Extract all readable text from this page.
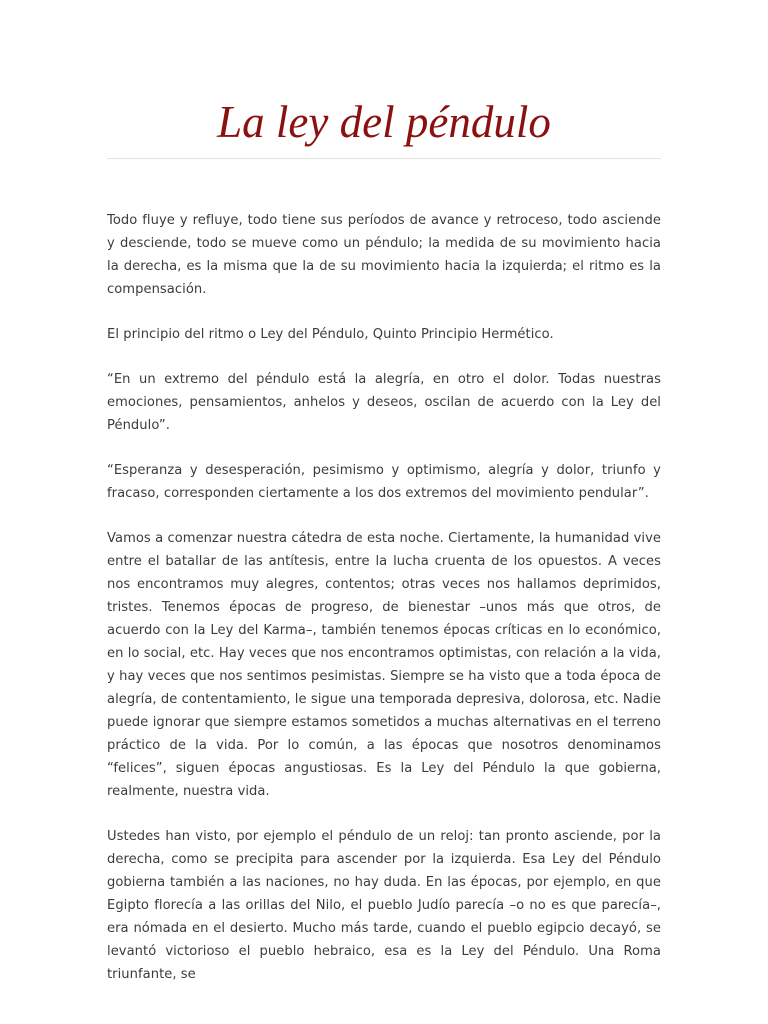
La ley del péndulo

Todo fluye y refluye, todo tiene sus períodos de avance y retroceso, todo asciende y desciende, todo se mueve como un péndulo; la medida de su movimiento hacia la derecha, es la misma que la de su movimiento hacia la izquierda; el ritmo es la compensación.

El principio del ritmo o Ley del Péndulo, Quinto Principio Hermético.

“En un extremo del péndulo está la alegría, en otro el dolor. Todas nuestras emociones, pensamientos, anhelos y deseos, oscilan de acuerdo con la Ley del Péndulo”.

“Esperanza y desesperación, pesimismo y optimismo, alegría y dolor, triunfo y fracaso, corresponden ciertamente a los dos extremos del movimiento pendular”.

Vamos a comenzar nuestra cátedra de esta noche. Ciertamente, la humanidad vive entre el batallar de las antítesis, entre la lucha cruenta de los opuestos. A veces nos encontramos muy alegres, contentos; otras veces nos hallamos deprimidos, tristes. Tenemos épocas de progreso, de bienestar –unos más que otros, de acuerdo con la Ley del Karma–, también tenemos épocas críticas en lo económico, en lo social, etc. Hay veces que nos encontramos optimistas, con relación a la vida, y hay veces que nos sentimos pesimistas. Siempre se ha visto que a toda época de alegría, de contentamiento, le sigue una temporada depresiva, dolorosa, etc. Nadie puede ignorar que siempre estamos sometidos a muchas alternativas en el terreno práctico de la vida. Por lo común, a las épocas que nosotros denominamos “felices”, siguen épocas angustiosas. Es la Ley del Péndulo la que gobierna, realmente, nuestra vida.

Ustedes han visto, por ejemplo el péndulo de un reloj: tan pronto asciende, por la derecha, como se precipita para ascender por la izquierda. Esa Ley del Péndulo gobierna también a las naciones, no hay duda. En las épocas, por ejemplo, en que Egipto florecía a las orillas del Nilo, el pueblo Judío parecía –o no es que parecía–, era nómada en el desierto. Mucho más tarde, cuando el pueblo egipcio decayó, se levantó victorioso el pueblo hebraico, esa es la Ley del Péndulo. Una Roma triunfante, se
